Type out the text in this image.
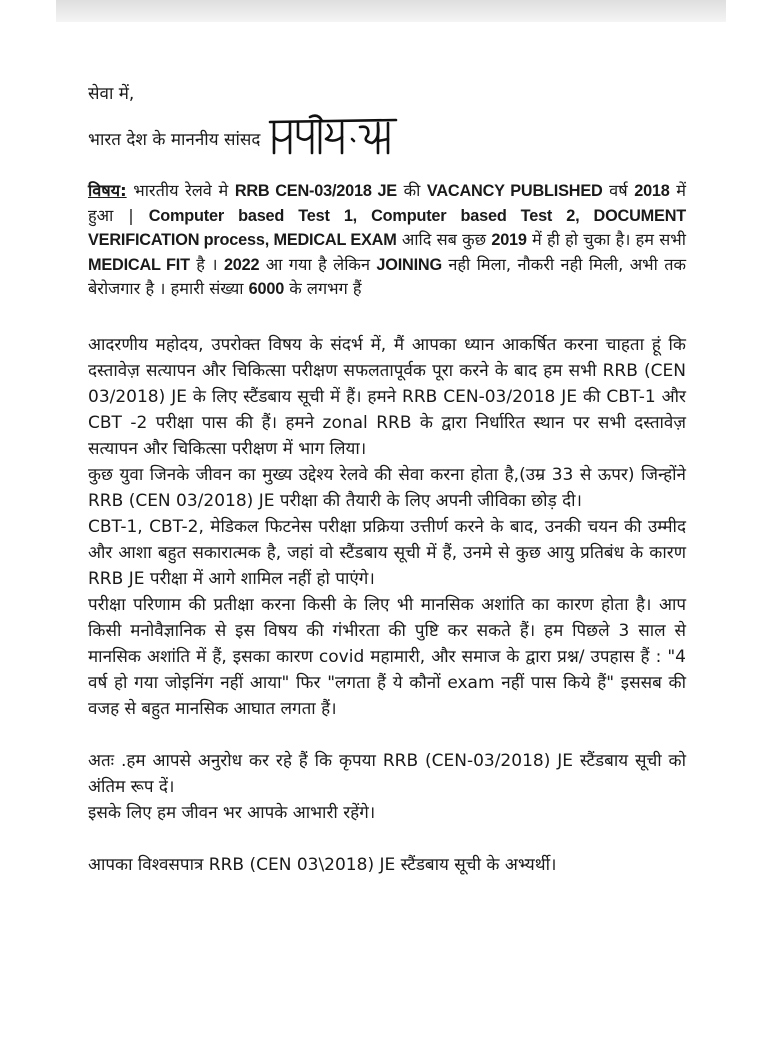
सेवा में,

भारत देश के माननीय सांसद

विषय: भारतीय रेलवे मे RRB CEN-03/2018 JE की VACANCY PUBLISHED वर्ष 2018 में हुआ | Computer based Test 1, Computer based Test 2, DOCUMENT VERIFICATION process, MEDICAL EXAM आदि सब कुछ 2019 में ही हो चुका है। हम सभी MEDICAL FIT है । 2022 आ गया है लेकिन JOINING नही मिला, नौकरी नही मिली, अभी तक बेरोजगार है । हमारी संख्या 6000 के लगभग हैं

आदरणीय महोदय, उपरोक्त विषय के संदर्भ में, मैं आपका ध्यान आकर्षित करना चाहता हूं कि दस्तावेज़ सत्यापन और चिकित्सा परीक्षण सफलतापूर्वक पूरा करने के बाद हम सभी RRB (CEN 03/2018) JE के लिए स्टैंडबाय सूची में हैं। हमने RRB CEN-03/2018 JE की CBT-1 और CBT -2 परीक्षा पास की हैं। हमने zonal RRB के द्वारा निर्धारित स्थान पर सभी दस्तावेज़ सत्यापन और चिकित्सा परीक्षण में भाग लिया।

कुछ युवा जिनके जीवन का मुख्य उद्देश्य रेलवे की सेवा करना होता है,(उम्र 33 से ऊपर) जिन्होंने RRB (CEN 03/2018) JE परीक्षा की तैयारी के लिए अपनी जीविका छोड़ दी।

CBT-1, CBT-2, मेडिकल फिटनेस परीक्षा प्रक्रिया उत्तीर्ण करने के बाद, उनकी चयन की उम्मीद और आशा बहुत सकारात्मक है, जहां वो स्टैंडबाय सूची में हैं, उनमे से कुछ आयु प्रतिबंध के कारण RRB JE परीक्षा में आगे शामिल नहीं हो पाएंगे।

परीक्षा परिणाम की प्रतीक्षा करना किसी के लिए भी मानसिक अशांति का कारण होता है। आप किसी मनोवैज्ञानिक से इस विषय की गंभीरता की पुष्टि कर सकते हैं। हम पिछले 3 साल से मानसिक अशांति में हैं, इसका कारण covid महामारी, और समाज के द्वारा प्रश्न/ उपहास हैं : "4 वर्ष हो गया जोइनिंग नहीं आया" फिर "लगता हैं ये कौनों exam नहीं पास किये हैं" इससब की वजह से बहुत मानसिक आघात लगता हैं।

अतः .हम आपसे अनुरोध कर रहे हैं कि कृपया RRB (CEN-03/2018) JE स्टैंडबाय सूची को अंतिम रूप दें।

इसके लिए हम जीवन भर आपके आभारी रहेंगे।

आपका विश्वसपात्र RRB (CEN 03\2018) JE स्टैंडबाय सूची के अभ्यर्थी।
